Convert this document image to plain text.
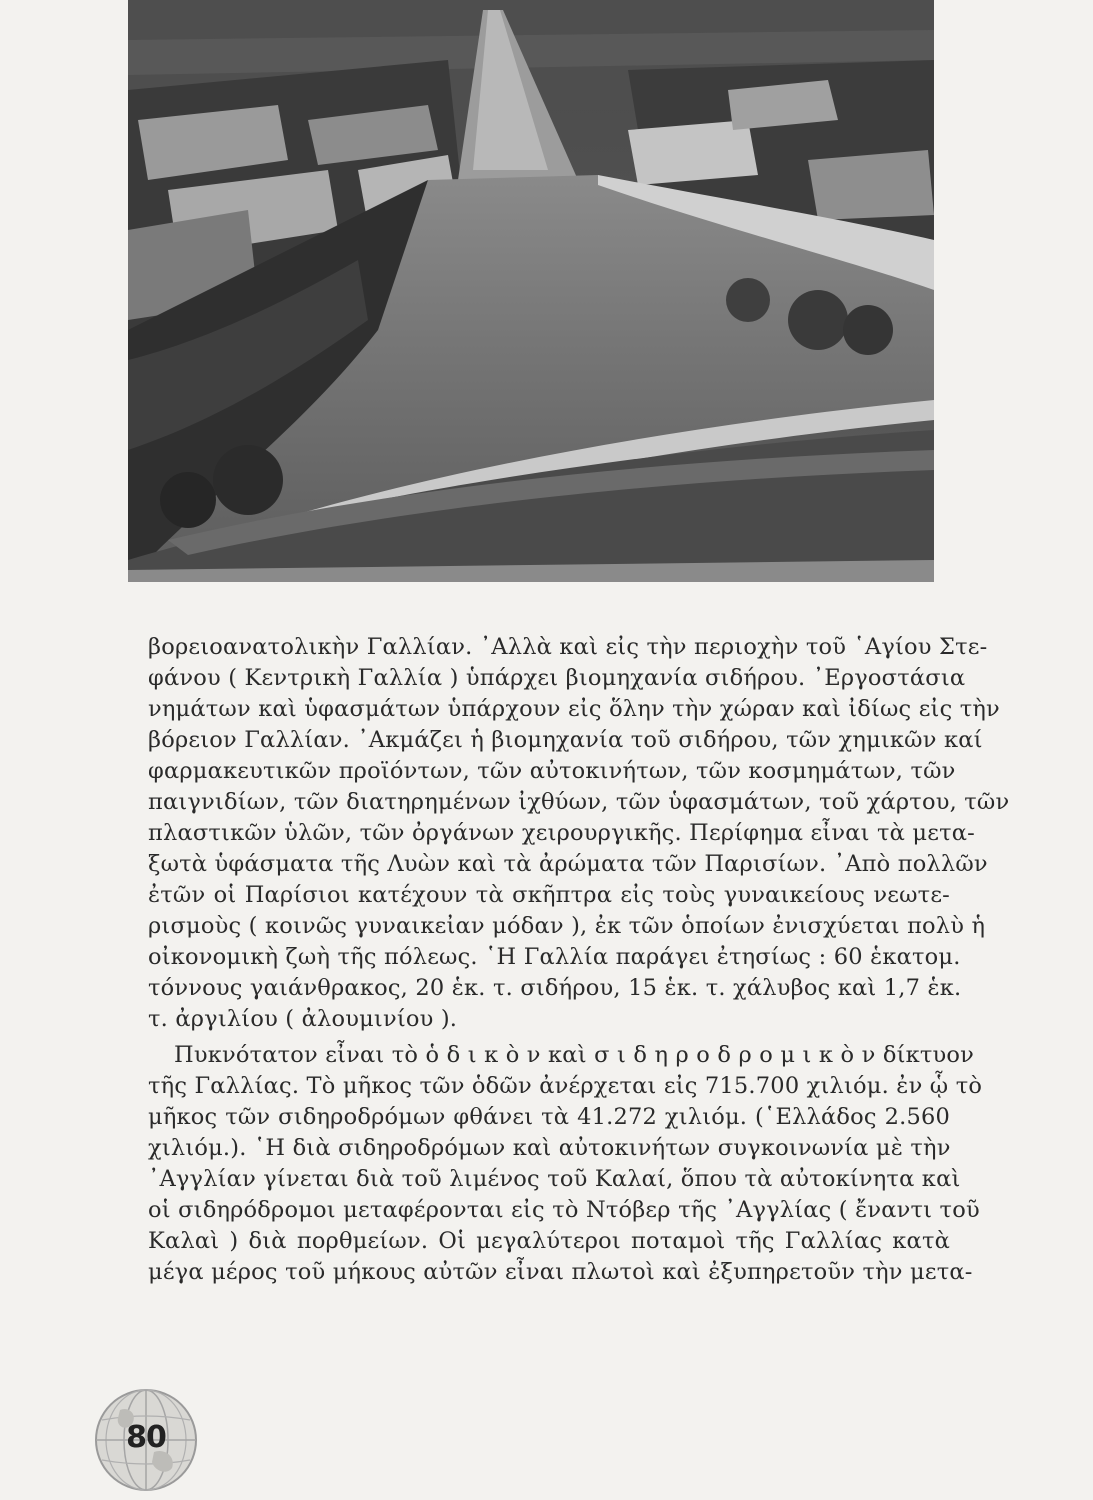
βορειοανατολικὴν Γαλλίαν. ᾿Αλλὰ καὶ εἰς τὴν περιοχὴν τοῦ ῾Αγίου Στε-
φάνου ( Κεντρικὴ Γαλλία ) ὑπάρχει βιομηχανία σιδήρου. ᾿Εργοστάσια
νημάτων καὶ ὑφασμάτων ὑπάρχουν εἰς ὅλην τὴν χώραν καὶ ἰδίως εἰς τὴν
βόρειον Γαλλίαν. ᾿Ακμάζει ἡ βιομηχανία τοῦ σιδήρου, τῶν χημικῶν καί
φαρμακευτικῶν προϊόντων, τῶν αὐτοκινήτων, τῶν κοσμημάτων, τῶν
παιγνιδίων, τῶν διατηρημένων ἰχθύων, τῶν ὑφασμάτων, τοῦ χάρτου, τῶν
πλαστικῶν ὑλῶν, τῶν ὀργάνων χειρουργικῆς. Περίφημα εἶναι τὰ μετα-
ξωτὰ ὑφάσματα τῆς Λυὼν καὶ τὰ ἀρώματα τῶν Παρισίων. ᾿Απὸ πολλῶν
ἐτῶν οἱ Παρίσιοι κατέχουν τὰ σκῆπτρα εἰς τοὺς γυναικείους νεωτε-
ρισμοὺς ( κοινῶς γυναικεἰαν μόδαν ), ἐκ τῶν ὁποίων ἐνισχύεται πολὺ ἡ
οἰκονομικὴ ζωὴ τῆς πόλεως. ῾Η Γαλλία παράγει ἐτησίως : 60 ἑκατομ.
τόννους γαιάνθρακος, 20 ἑκ. τ. σιδήρου, 15 ἑκ. τ. χάλυβος καὶ 1,7 ἑκ.
τ. ἀργιλίου ( ἀλουμινίου ).
Πυκνότατον εἶναι τὸ ὁ δ ι κ ὸ ν καὶ σ ι δ η ρ ο δ ρ ο μ ι κ ὸ ν δίκτυον
τῆς Γαλλίας. Τὸ μῆκος τῶν ὁδῶν ἀνέρχεται εἰς 715.700 χιλιόμ. ἐν ᾧ τὸ
μῆκος τῶν σιδηροδρόμων φθάνει τὰ 41.272 χιλιόμ. (῾Ελλάδος 2.560
χιλιόμ.). ῾Η διὰ σιδηροδρόμων καὶ αὐτοκινήτων συγκοινωνία μὲ τὴν
᾿Αγγλίαν γίνεται διὰ τοῦ λιμένος τοῦ Καλαί, ὅπου τὰ αὐτοκίνητα καὶ
οἱ σιδηρόδρομοι μεταφέρονται εἰς τὸ Ντόβερ τῆς ᾿Αγγλίας ( ἔναντι τοῦ
Καλαὶ ) διὰ πορθμείων. Οἱ μεγαλύτεροι ποταμοὶ τῆς Γαλλίας κατὰ
μέγα μέρος τοῦ μήκους αὐτῶν εἶναι πλωτοὶ καὶ ἐξυπηρετοῦν τὴν μετα-
80
